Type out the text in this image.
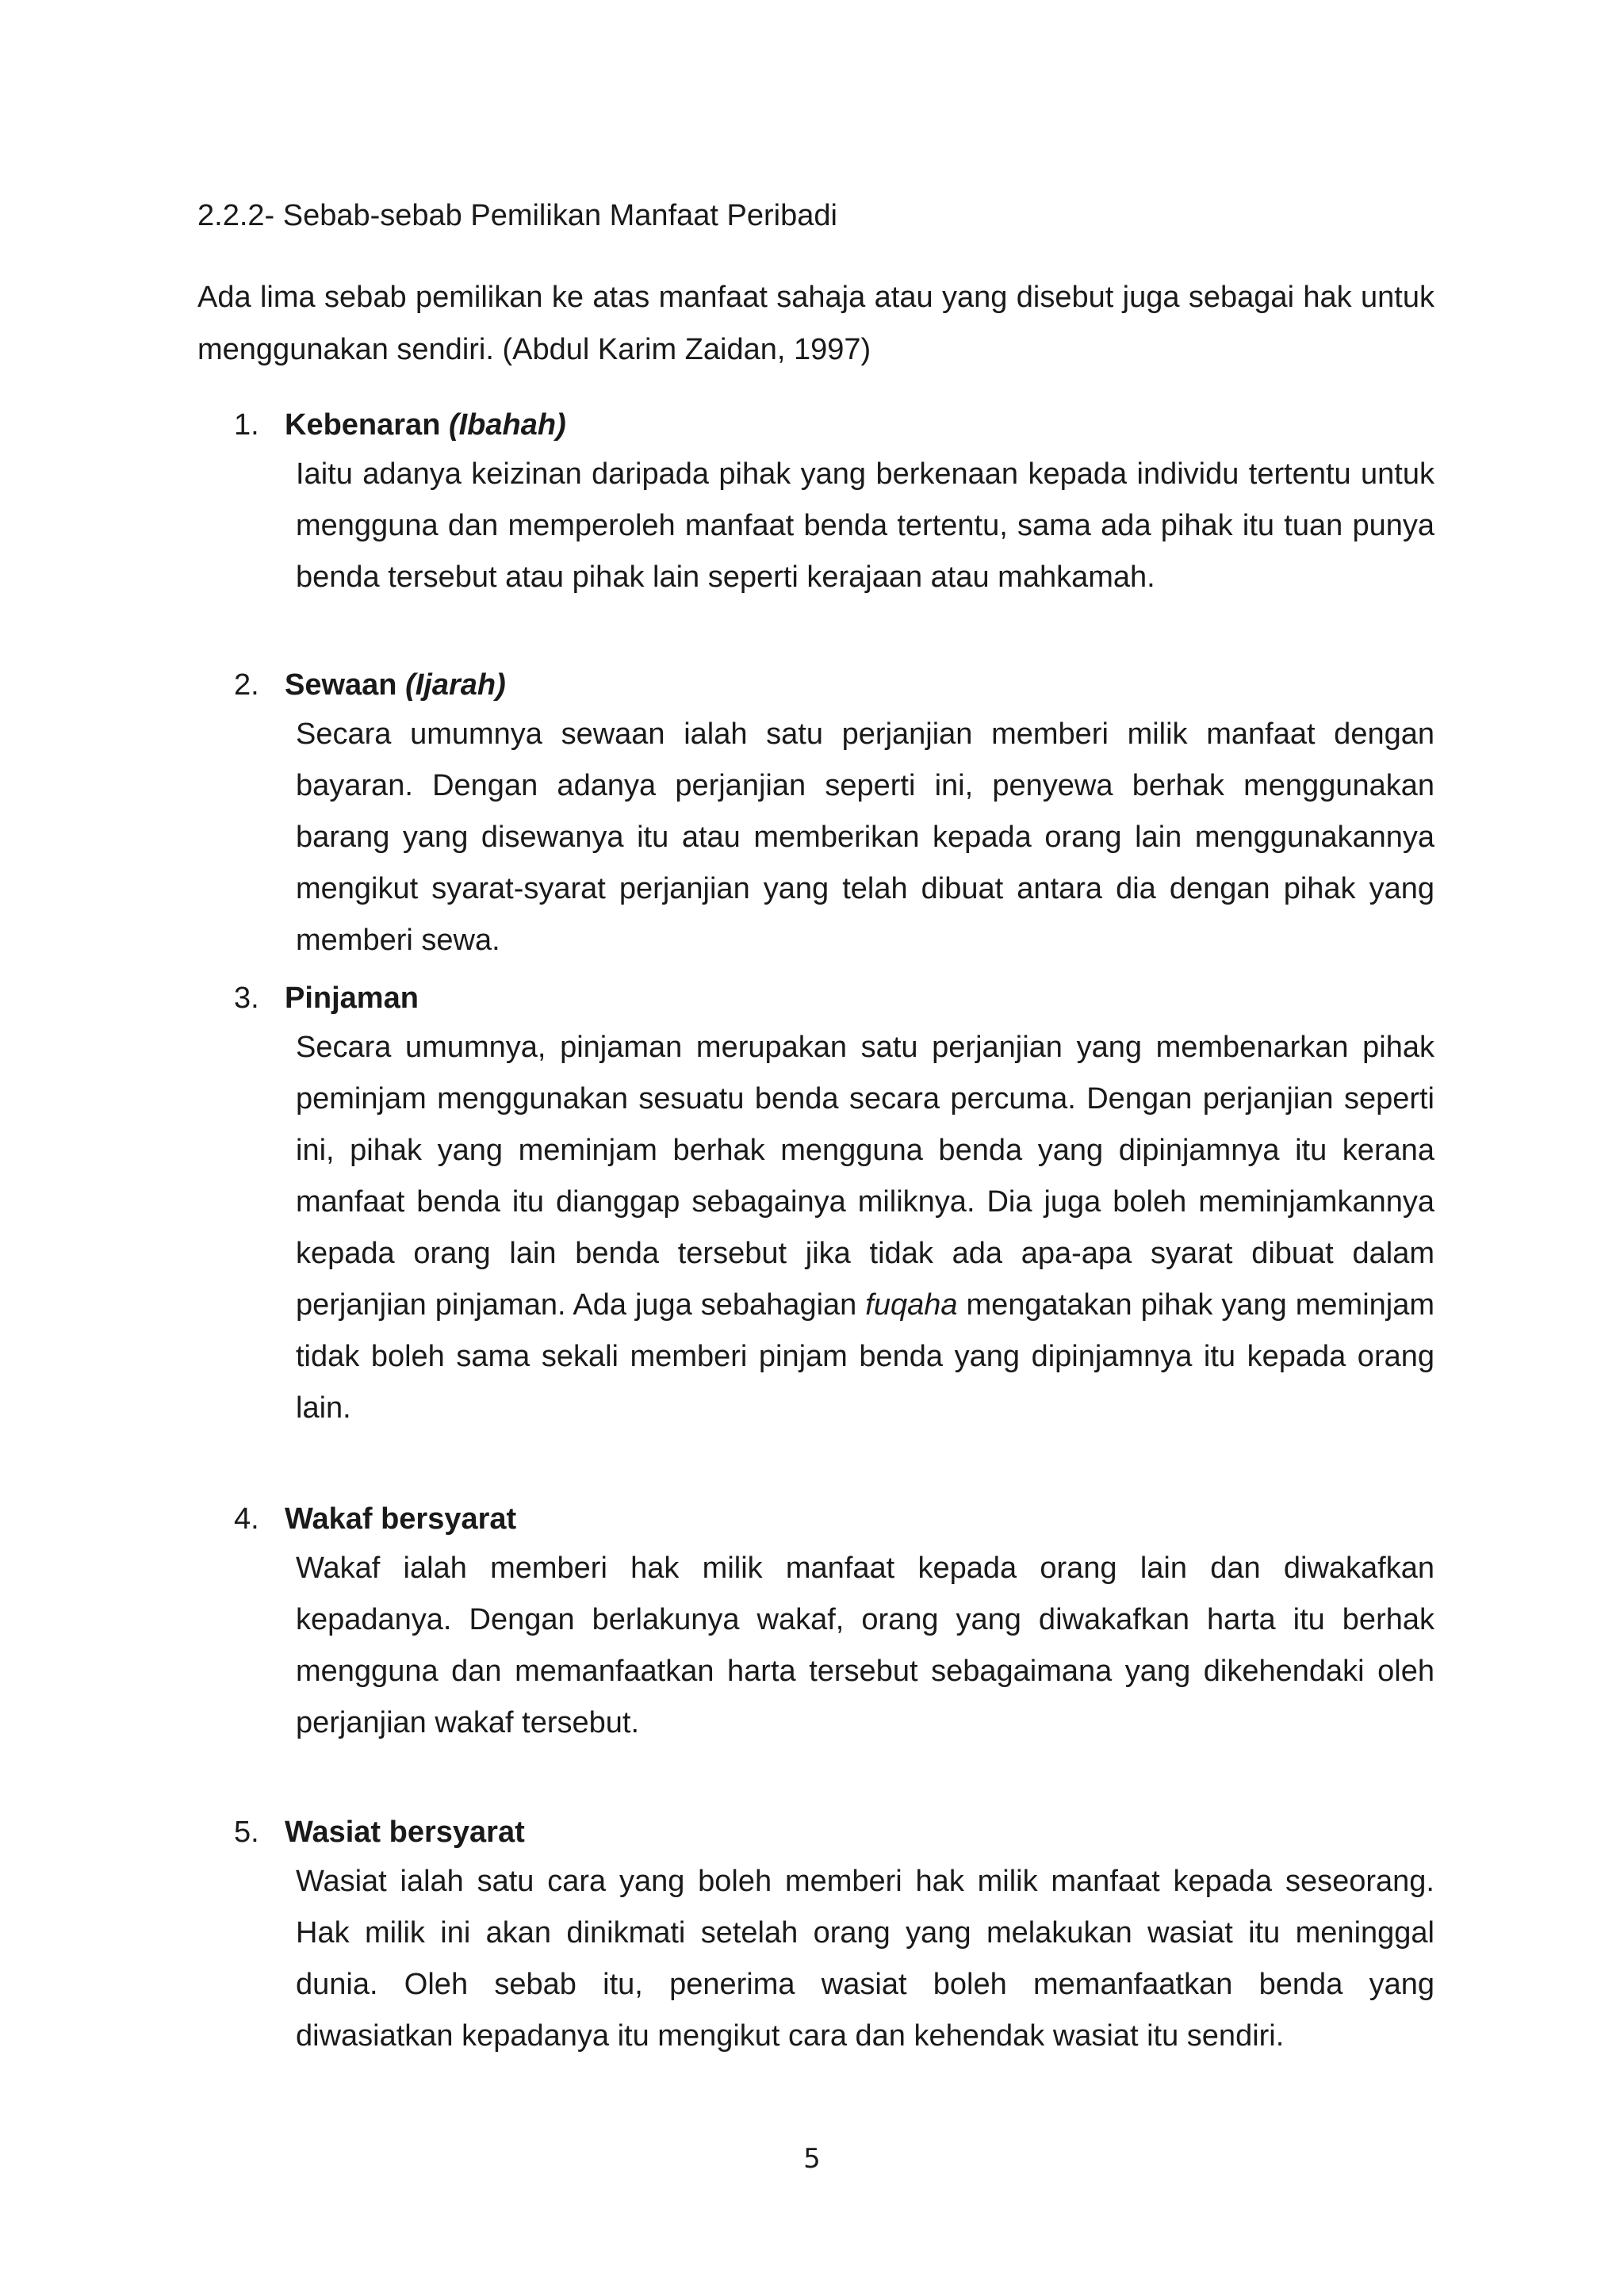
2.2.2- Sebab-sebab Pemilikan Manfaat Peribadi
Ada lima sebab pemilikan ke atas manfaat sahaja atau yang disebut juga sebagai hak untuk menggunakan sendiri. (Abdul Karim Zaidan, 1997)
1. Kebenaran (Ibahah)
Iaitu adanya keizinan daripada pihak yang berkenaan kepada individu tertentu untuk mengguna dan memperoleh manfaat benda tertentu, sama ada pihak itu tuan punya benda tersebut atau pihak lain seperti kerajaan atau mahkamah.
2. Sewaan (Ijarah)
Secara umumnya sewaan ialah satu perjanjian memberi milik manfaat dengan bayaran. Dengan adanya perjanjian seperti ini, penyewa berhak menggunakan barang yang disewanya itu atau memberikan kepada orang lain menggunakannya mengikut syarat-syarat perjanjian yang telah dibuat antara dia dengan pihak yang memberi sewa.
3. Pinjaman
Secara umumnya, pinjaman merupakan satu perjanjian yang membenarkan pihak peminjam menggunakan sesuatu benda secara percuma. Dengan perjanjian seperti ini, pihak yang meminjam berhak mengguna benda yang dipinjamnya itu kerana manfaat benda itu dianggap sebagainya miliknya. Dia juga boleh meminjamkannya kepada orang lain benda tersebut jika tidak ada apa-apa syarat dibuat dalam perjanjian pinjaman. Ada juga sebahagian fuqaha mengatakan pihak yang meminjam tidak boleh sama sekali memberi pinjam benda yang dipinjamnya itu kepada orang lain.
4. Wakaf bersyarat
Wakaf ialah memberi hak milik manfaat kepada orang lain dan diwakafkan kepadanya. Dengan berlakunya wakaf, orang yang diwakafkan harta itu berhak mengguna dan memanfaatkan harta tersebut sebagaimana yang dikehendaki oleh perjanjian wakaf tersebut.
5. Wasiat bersyarat
Wasiat ialah satu cara yang boleh memberi hak milik manfaat kepada seseorang. Hak milik ini akan dinikmati setelah orang yang melakukan wasiat itu meninggal dunia. Oleh sebab itu, penerima wasiat boleh memanfaatkan benda yang diwasiatkan kepadanya itu mengikut cara dan kehendak wasiat itu sendiri.
5
